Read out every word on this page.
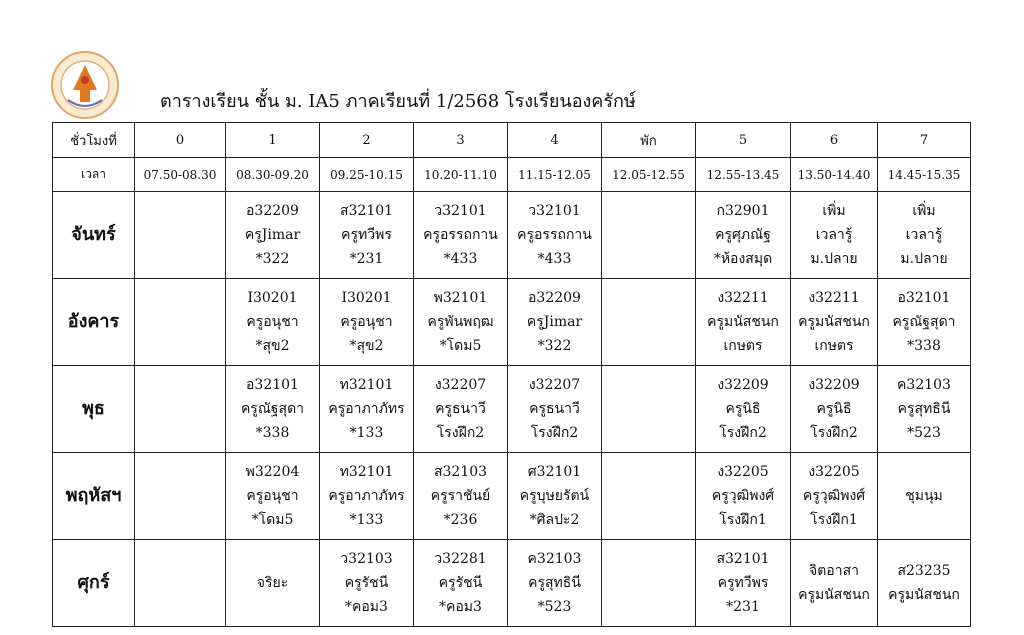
ตารางเรียน ชั้น ม. IA5 ภาคเรียนที่ 1/2568 โรงเรียนองครักษ์
ชั่วโมงที่	0	1	2	3	4	พัก	5	6	7
เวลา	07.50-08.30	08.30-09.20	09.25-10.15	10.20-11.10	11.15-12.05	12.05-12.55	12.55-13.45	13.50-14.40	14.45-15.35
จันทร์		อ32209
ครูJimar
*322	ส32101
ครูทวีพร
*231	ว32101
ครูอรรถกาน
*433	ว32101
ครูอรรถกาน
*433		ก32901
ครูศุภณัฐ
*ห้องสมุด	เพิ่ม
เวลารู้
ม.ปลาย	เพิ่ม
เวลารู้
ม.ปลาย

อังคาร		I30201
ครูอนุชา
*สุข2	I30201
ครูอนุชา
*สุข2	พ32101
ครูพันพฤฒ
*โดม5	อ32209
ครูJimar
*322		ง32211
ครูมนัสชนก
เกษตร	ง32211
ครูมนัสชนก
เกษตร	อ32101
ครูณัฐสุดา
*338

พุธ		อ32101
ครูณัฐสุดา
*338	ท32101
ครูอาภาภัทร
*133	ง32207
ครูธนาวี
โรงฝึก2	ง32207
ครูธนาวี
โรงฝึก2		ง32209
ครูนิธิ
โรงฝึก2	ง32209
ครูนิธิ
โรงฝึก2	ค32103
ครูสุทธินี
*523

พฤหัสฯ		พ32204
ครูอนุชา
*โดม5	ท32101
ครูอาภาภัทร
*133	ส32103
ครูราชันย์
*236	ศ32101
ครูบุษยรัตน์
*ศิลปะ2		ง32205
ครูวุฒิพงศ์
โรงฝึก1	ง32205
ครูวุฒิพงศ์
โรงฝึก1	ชุมนุม

ศุกร์		จริยะ	ว32103
ครูรัชนี
*คอม3	ว32281
ครูรัชนี
*คอม3	ค32103
ครูสุทธินี
*523		ส32101
ครูทวีพร
*231	จิตอาสา
ครูมนัสชนก	ส23235
ครูมนัสชนก
